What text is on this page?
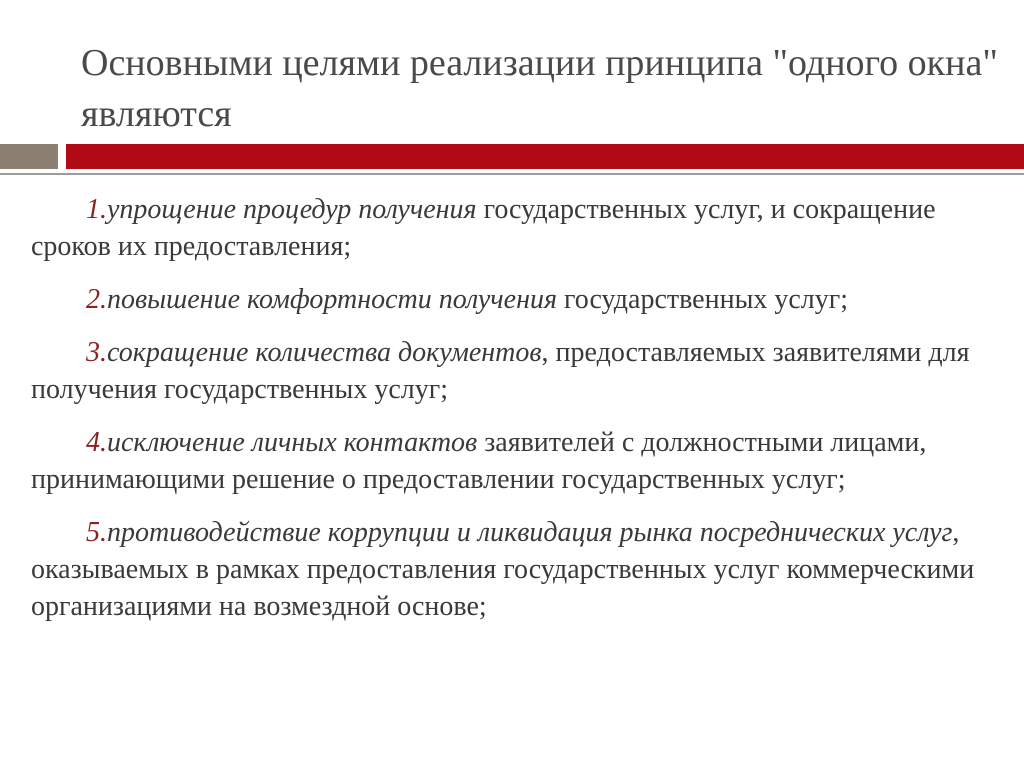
Основными целями реализации принципа "одного окна" являются
1.упрощение процедур получения государственных услуг, и сокращение сроков их предоставления;
2.повышение комфортности получения государственных услуг;
3.сокращение количества документов, предоставляемых заявителями для получения государственных услуг;
4.исключение личных контактов заявителей с должностными лицами, принимающими решение о предоставлении государственных услуг;
5.противодействие коррупции и ликвидация рынка посреднических услуг, оказываемых в рамках предоставления государственных услуг коммерческими организациями на возмездной основе;
